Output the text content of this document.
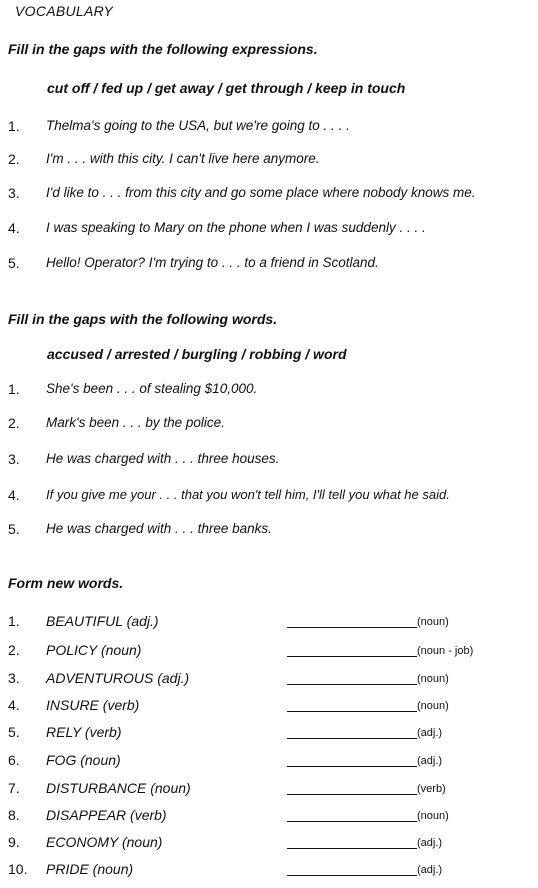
VOCABULARY
Fill in the gaps with the following expressions.
cut off / fed up / get away / get through / keep in touch
1. Thelma's going to the USA, but we're going to . . . .
2. I'm . . . with this city. I can't live here anymore.
3. I'd like to . . . from this city and go some place where nobody knows me.
4. I was speaking to Mary on the phone when I was suddenly . . . .
5. Hello! Operator? I'm trying to . . . to a friend in Scotland.
Fill in the gaps with the following words.
accused / arrested / burgling / robbing / word
1. She's been . . . of stealing $10,000.
2. Mark's been . . . by the police.
3. He was charged with . . . three houses.
4. If you give me your . . . that you won't tell him, I'll tell you what he said.
5. He was charged with . . . three banks.
Form new words.
1. BEAUTIFUL (adj.)	(noun)
2. POLICY (noun)	(noun - job)
3. ADVENTUROUS (adj.)	(noun)
4. INSURE (verb)	(noun)
5. RELY (verb)	(adj.)
6. FOG (noun)	(adj.)
7. DISTURBANCE (noun)	(verb)
8. DISAPPEAR (verb)	(noun)
9. ECONOMY (noun)	(adj.)
10. PRIDE (noun)	(adj.)
